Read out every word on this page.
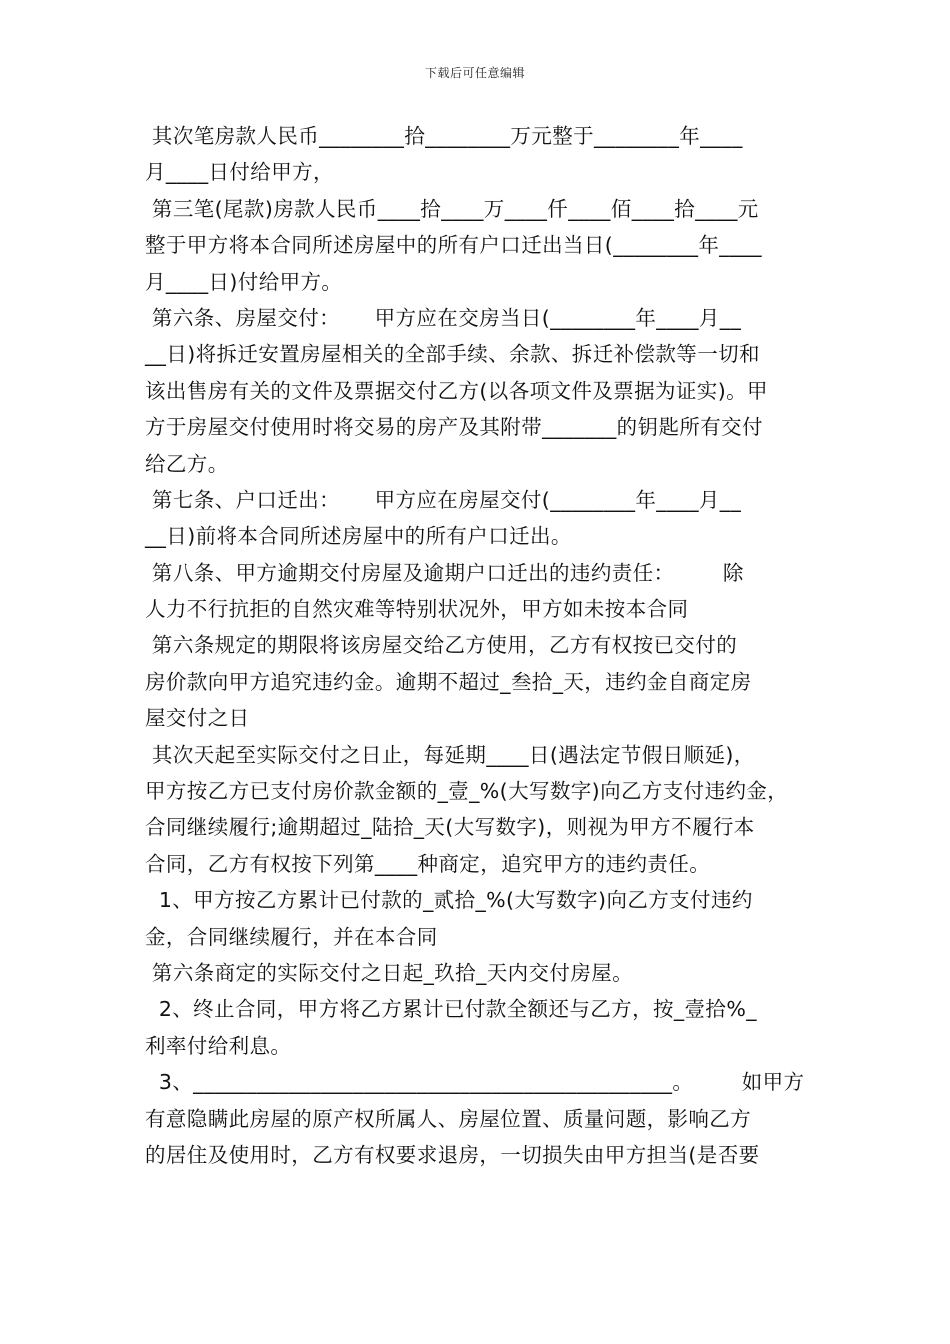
下载后可任意编辑
其次笔房款人民币________拾________万元整于________年____
月____日付给甲方，
第三笔(尾款)房款人民币____拾____万____仟____佰____拾____元
整于甲方将本合同所述房屋中的所有户口迁出当日(________年____
月____日)付给甲方。
第六条、房屋交付：     甲方应在交房当日(________年____月__
__日)将拆迁安置房屋相关的全部手续、余款、拆迁补偿款等一切和
该出售房有关的文件及票据交付乙方(以各项文件及票据为证实)。甲
方于房屋交付使用时将交易的房产及其附带_______的钥匙所有交付
给乙方。
第七条、户口迁出：     甲方应在房屋交付(________年____月__
__日)前将本合同所述房屋中的所有户口迁出。
第八条、甲方逾期交付房屋及逾期户口迁出的违约责任：       除
人力不行抗拒的自然灾难等特别状况外，甲方如未按本合同
第六条规定的期限将该房屋交给乙方使用，乙方有权按已交付的
房价款向甲方追究违约金。逾期不超过_叁拾_天，违约金自商定房
屋交付之日
其次天起至实际交付之日止，每延期____日(遇法定节假日顺延)，
甲方按乙方已支付房价款金额的_壹_%(大写数字)向乙方支付违约金，
合同继续履行;逾期超过_陆拾_天(大写数字)，则视为甲方不履行本
合同，乙方有权按下列第____种商定，追究甲方的违约责任。
1、甲方按乙方累计已付款的_贰拾_%(大写数字)向乙方支付违约
金，合同继续履行，并在本合同
第六条商定的实际交付之日起_玖拾_天内交付房屋。
2、终止合同，甲方将乙方累计已付款全额还与乙方，按_壹拾%_
利率付给利息。
3、_____________________________________________。       如甲方
有意隐瞒此房屋的原产权所属人、房屋位置、质量问题，影响乙方
的居住及使用时，乙方有权要求退房，一切损失由甲方担当(是否要
